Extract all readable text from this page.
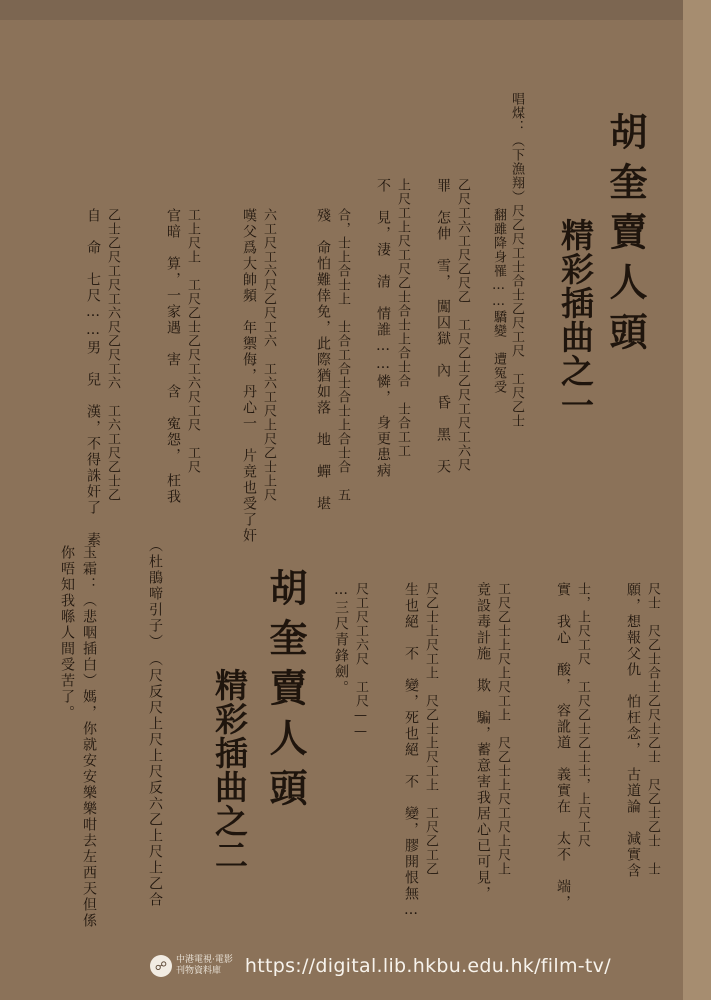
胡奎賣人頭
精彩插曲之一
唱煤：（下漁翔）尺乙尺工士合士乙尺工尺　工尺乙士
翻雖降身罹……驕變　遭冤受
乙尺工六工尺乙尺乙　工尺乙士乙尺工尺工六尺
罪　怎伸　雪，　闖囚獄　內　昏　黑　天
上尺工上尺工尺乙士合士上合士合　士合工工
不　見，淒　清　情誰……憐，　身更患病
合，士上合士上　士合工合士合士上合士合　五
殘　命怕難倖免，此際猶如落　地　蟬　堪
六工尺工六尺乙尺工六　工六工尺上尺乙士上尺
嘆父爲大帥頻　年禦侮，丹心一　片竟也受了奸
工上尺上　工尺乙士乙尺工六尺工尺　工尺
官暗　算，一家遇　害　含　寃怨，　枉我
乙士乙尺工尺工六尺乙尺工六　工六工尺乙士乙
自　命　七尺……男　兒　漢，不得誅奸了　素
尺士　尺乙士合士乙尺士乙士　尺乙士乙士　士
願，想報父仇　怕枉念，　古道論　減實含
士，上尺工尺　工尺乙士乙士士，上尺工尺
實　我心　酸，　容訛道　義實在　太不　端，
工尺乙士上尺上尺工上　尺乙士上尺工尺上尺上
竟設毒計施　欺　騙，蓄意害我居心已可見，
尺乙士上尺工上　尺乙士上尺工上　工尺乙工乙
生也絕　不　變，死也絕　不　變，膠開恨無…
尺工尺工六尺　工尺——
…三尺青鋒劍。
胡奎賣人頭
精彩插曲之二
（杜鵑啼引子）　（尺反尺上尺上尺反六乙上尺上乙合
玉霜：（悲咽插白）媽，你就安安樂樂咁去左西天但係
你唔知我喺人間受苦了。
☍ 中港電視·電影
刊物資料庫	https://digital.lib.hkbu.edu.hk/film-tv/
